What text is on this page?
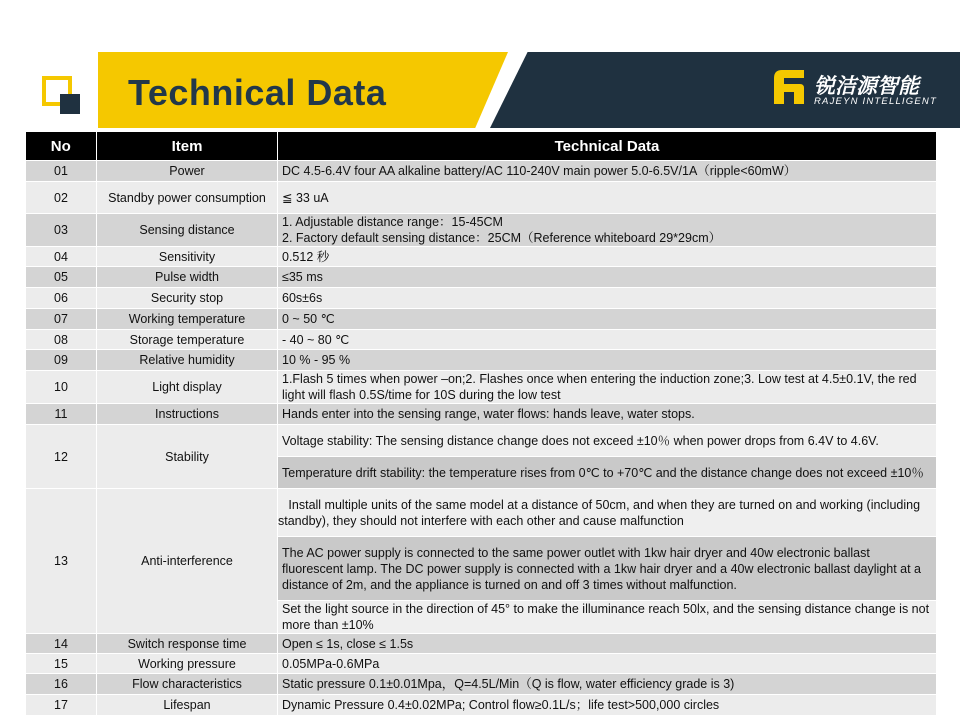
Technical Data	锐洁源智能
RAJEYN INTELLIGENT
No	Item	Technical Data
01	Power	DC 4.5-6.4V four AA alkaline battery/AC 110-240V main power 5.0-6.5V/1A（ripple<60mW）
02	Standby power consumption	≦ 33 uA
03	Sensing distance	1. Adjustable distance range：15-45CM
2. Factory default sensing distance：25CM（Reference whiteboard 29*29cm）

04	Sensitivity	0.512 秒
05	Pulse width	≤35 ms
06	Security stop	60s±6s
07	Working temperature	0 ~ 50 ℃
08	Storage temperature	- 40 ~ 80 ℃
09	Relative humidity	10 % - 95 %
10	Light display	1.Flash 5 times when power –on;2. Flashes once when entering the induction zone;3. Low test at 4.5±0.1V, the red light will flash 0.5S/time for 10S during the low test
11	Instructions	Hands enter into the sensing range, water flows: hands leave, water stops.
12	Stability	Voltage stability: The sensing distance change does not exceed ±10％ when power drops from 6.4V to 4.6V.
		Temperature drift stability: the temperature rises from 0℃ to +70℃ and the distance change does not exceed ±10％
13	Anti-interference	Install multiple units of the same model at a distance of 50cm, and when they are turned on and working (including standby), they should not interfere with each other and cause malfunction
		The AC power supply is connected to the same power outlet with 1kw hair dryer and 40w electronic ballast fluorescent lamp. The DC power supply is connected with a 1kw hair dryer and a 40w electronic ballast daylight at a distance of 2m, and the appliance is turned on and off 3 times without malfunction.
		Set the light source in the direction of 45° to make the illuminance reach 50lx, and the sensing distance change is not more than ±10%
14	Switch response time	Open ≤ 1s, close ≤ 1.5s
15	Working pressure	0.05MPa-0.6MPa
16	Flow characteristics	Static pressure 0.1±0.01Mpa，Q=4.5L/Min（Q is flow, water efficiency grade is 3)
17	Lifespan	Dynamic Pressure 0.4±0.02MPa; Control flow≥0.1L/s；life test>500,000 circles
